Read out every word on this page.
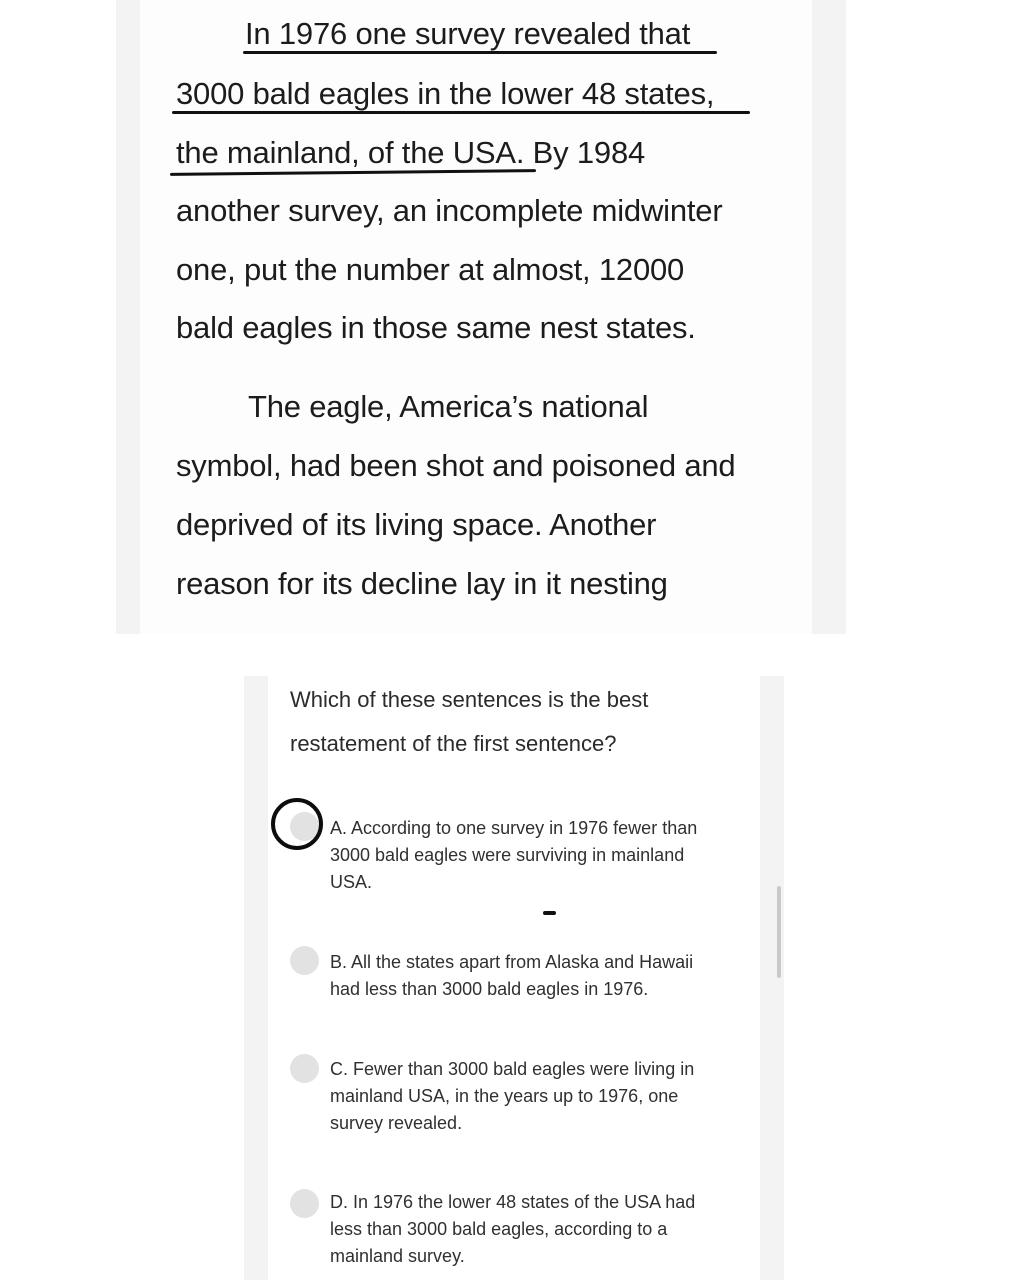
In 1976 one survey revealed that
3000 bald eagles in the lower 48 states,
the mainland, of the USA. By 1984
another survey, an incomplete midwinter
one, put the number at almost, 12000
bald eagles in those same nest states.
The eagle, America’s national
symbol, had been shot and poisoned and
deprived of its living space. Another
reason for its decline lay in it nesting
Which of these sentences is the best
restatement of the first sentence?
A. According to one survey in 1976 fewer than
3000 bald eagles were surviving in mainland
USA.
B. All the states apart from Alaska and Hawaii
had less than 3000 bald eagles in 1976.
C. Fewer than 3000 bald eagles were living in
mainland USA, in the years up to 1976, one
survey revealed.
D. In 1976 the lower 48 states of the USA had
less than 3000 bald eagles, according to a
mainland survey.
